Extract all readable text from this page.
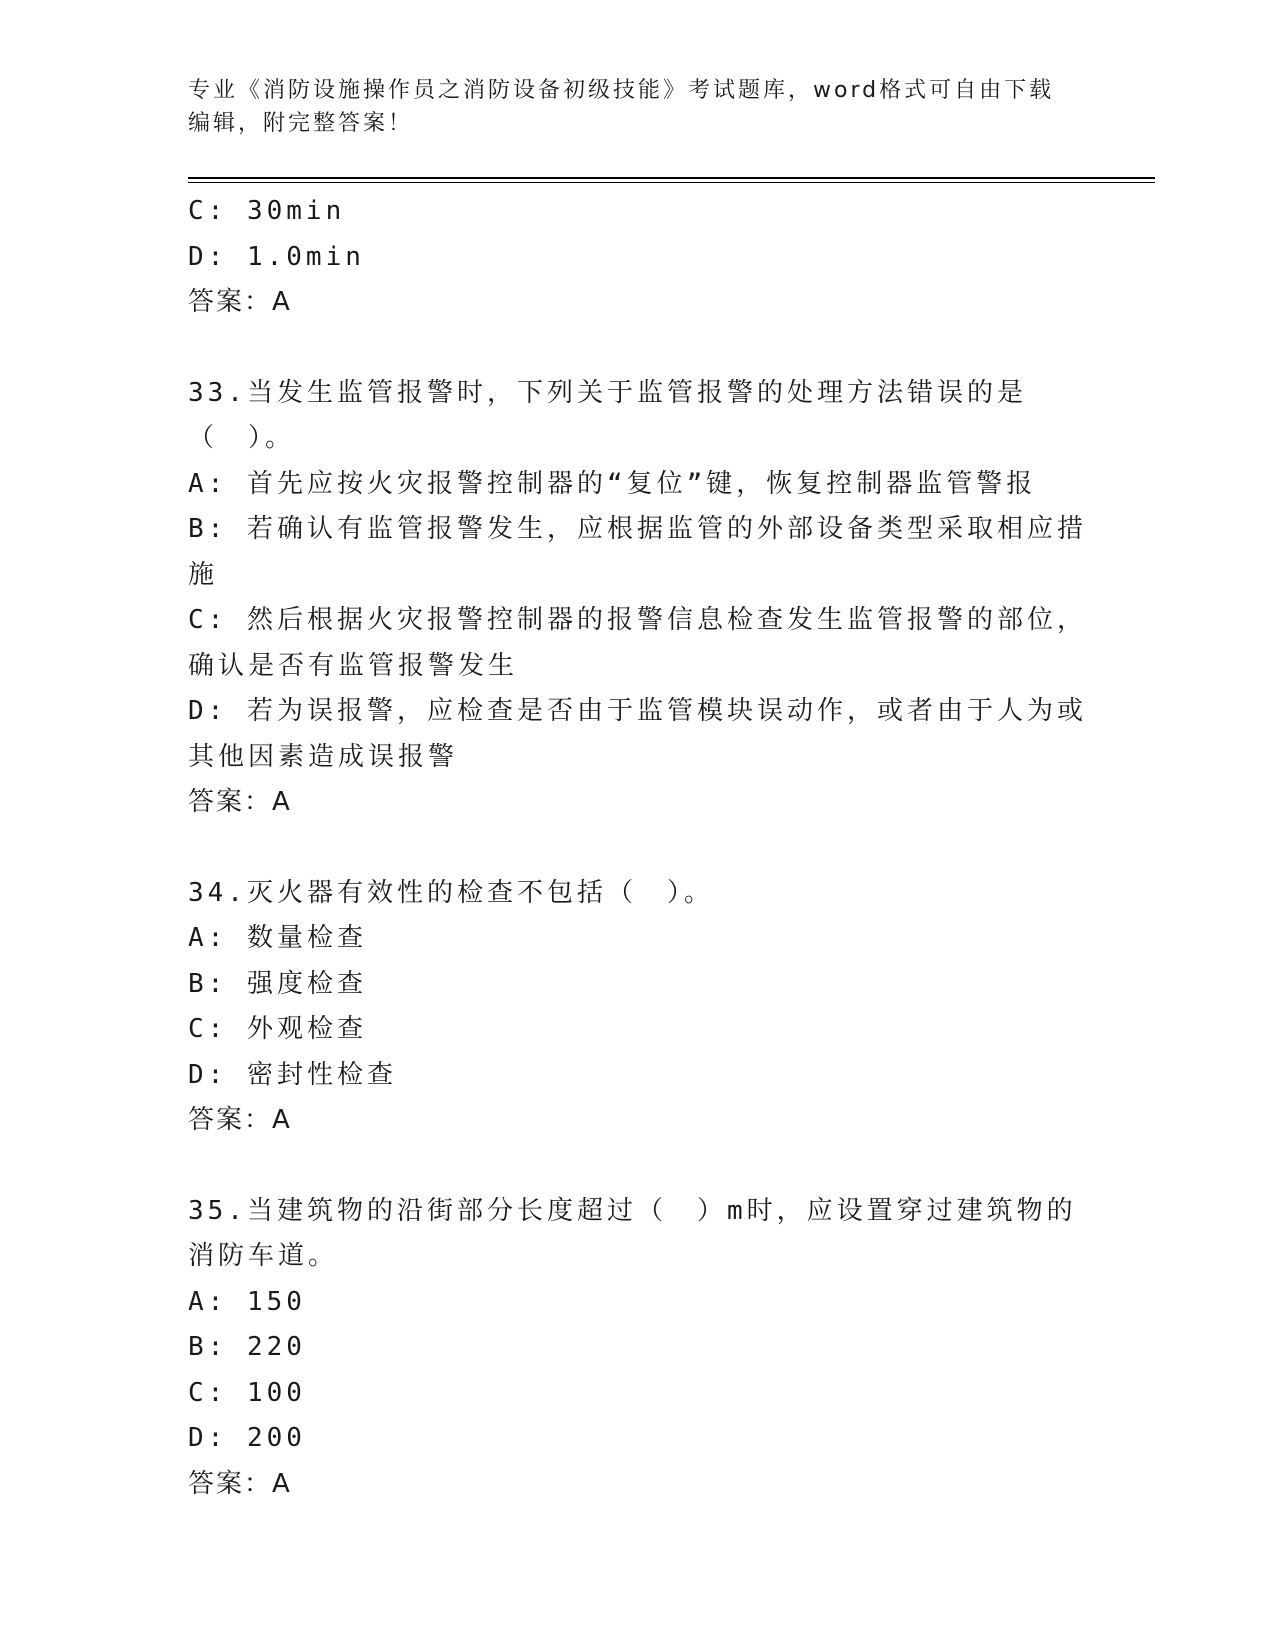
专业《消防设施操作员之消防设备初级技能》考试题库，word格式可自由下载编辑，附完整答案！
C: 30min
D: 1.0min
答案：A
33.当发生监管报警时，下列关于监管报警的处理方法错误的是（　）。
A: 首先应按火灾报警控制器的“复位”键，恢复控制器监管警报
B: 若确认有监管报警发生，应根据监管的外部设备类型采取相应措施
C: 然后根据火灾报警控制器的报警信息检查发生监管报警的部位，确认是否有监管报警发生
D: 若为误报警，应检查是否由于监管模块误动作，或者由于人为或其他因素造成误报警
答案：A
34.灭火器有效性的检查不包括（　）。
A: 数量检查
B: 强度检查
C: 外观检查
D: 密封性检查
答案：A
35.当建筑物的沿街部分长度超过（　）m时，应设置穿过建筑物的消防车道。
A: 150
B: 220
C: 100
D: 200
答案：A
